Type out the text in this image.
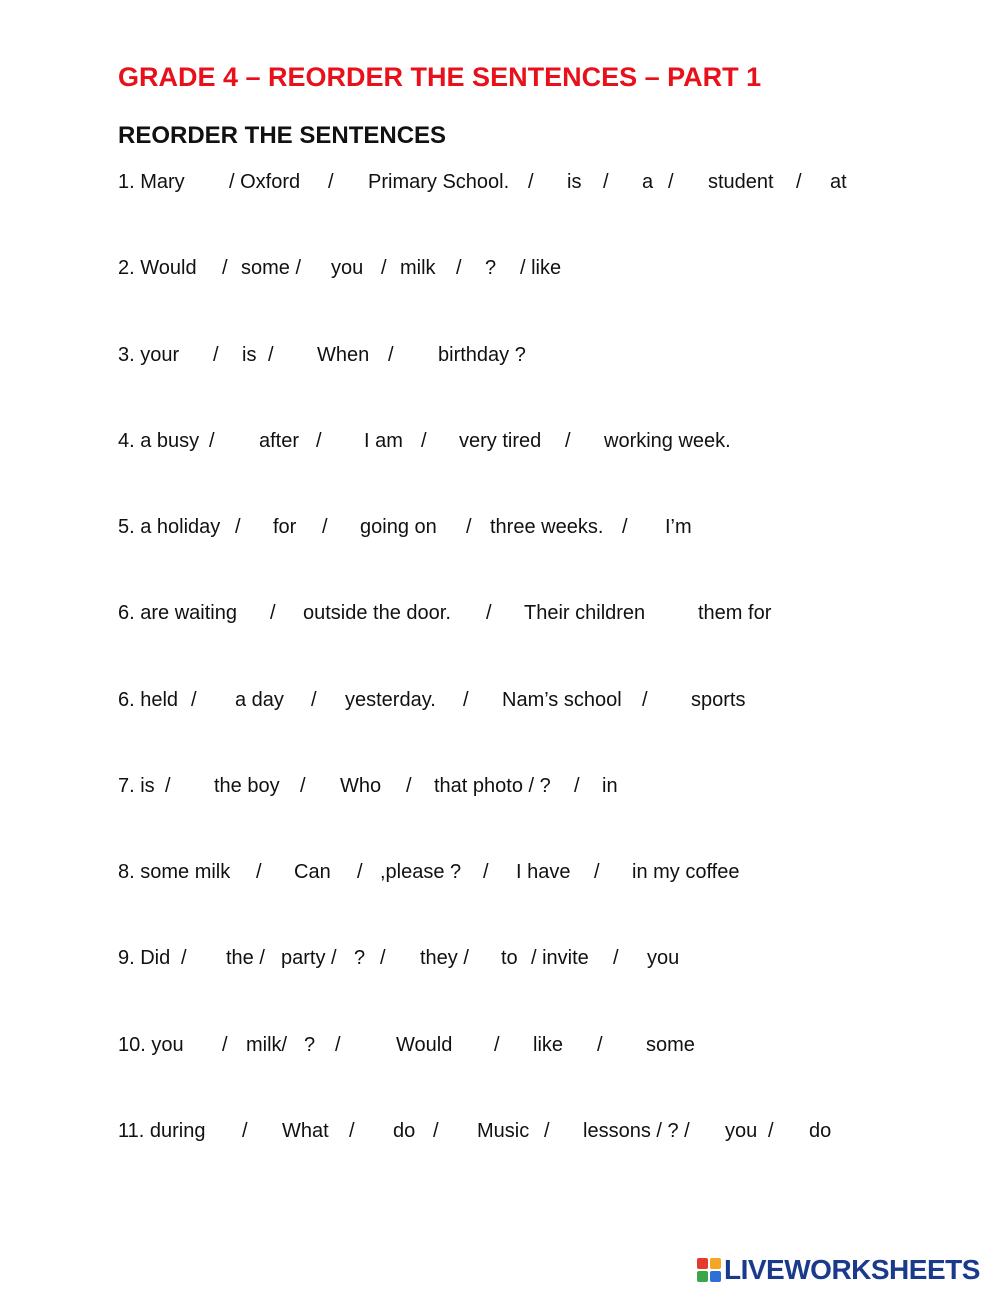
GRADE 4 – REORDER THE SENTENCES – PART 1
REORDER THE SENTENCES
1. Mary / Oxford / Primary School. / is / a / student / at
2. Would / some / you / milk / ? / like
3. your / is / When / birthday ?
4. a busy / after / I am / very tired / working week.
5. a holiday / for / going on / three weeks. / I’m
6. are waiting / outside the door. / Their children	them for
6. held / a day / yesterday. / Nam’s school / sports
7. is / the boy / Who / that photo / ? / in
8. some milk / Can / ,please ? / I have / in my coffee
9. Did / the / party / ? / they / to / invite / you
10. you / milk/ ? /	Would / like / some
11. during / What / do / Music / lessons / ? / you / do
LIVEWORKSHEETS
